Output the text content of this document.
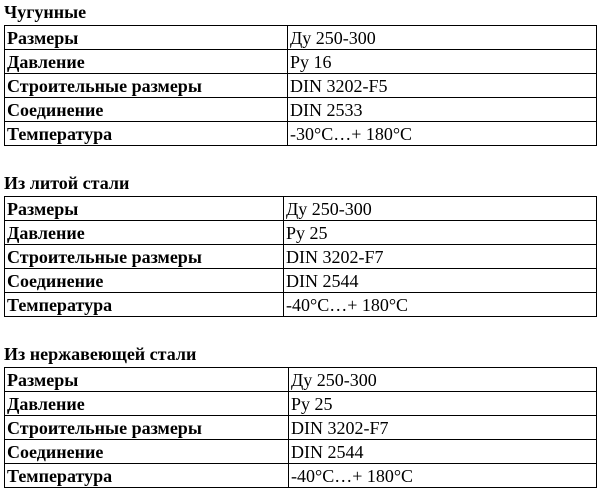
Чугунные
Размеры	Ду 250-300
Давление	Ру 16
Строительные размеры	DIN 3202-F5
Соединение	DIN 2533
Температура	-30°C…+ 180°C
Из литой стали
Размеры	Ду 250-300
Давление	Ру 25
Строительные размеры	DIN 3202-F7
Соединение	DIN 2544
Температура	-40°C…+ 180°C
Из нержавеющей стали
Размеры	Ду 250-300
Давление	Ру 25
Строительные размеры	DIN 3202-F7
Соединение	DIN 2544
Температура	-40°C…+ 180°C
